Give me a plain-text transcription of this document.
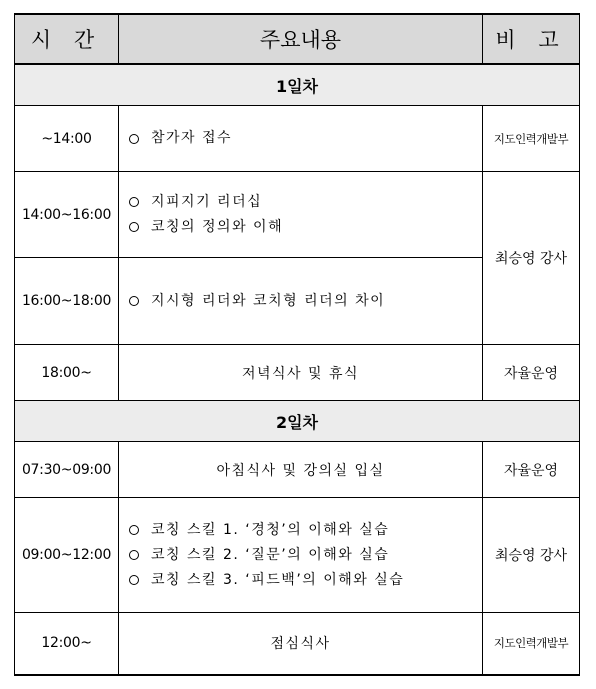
시 간	주요내용	비 고
1일차		
~14:00	참가자 접수	지도인력개발부
14:00~16:00	지피지기 리더십
코칭의 정의와 이해	최승영 강사
16:00~18:00	지시형 리더와 코치형 리더의 차이	

18:00~	저녁식사 및 휴식	자율운영
2일차		
07:30~09:00	아침식사 및 강의실 입실	자율운영
09:00~12:00	코칭 스킬 1. ‘경청’의 이해와 실습
코칭 스킬 2. ‘질문’의 이해와 실습
코칭 스킬 3. ‘피드백’의 이해와 실습	최승영 강사
12:00~	점심식사	지도인력개발부
